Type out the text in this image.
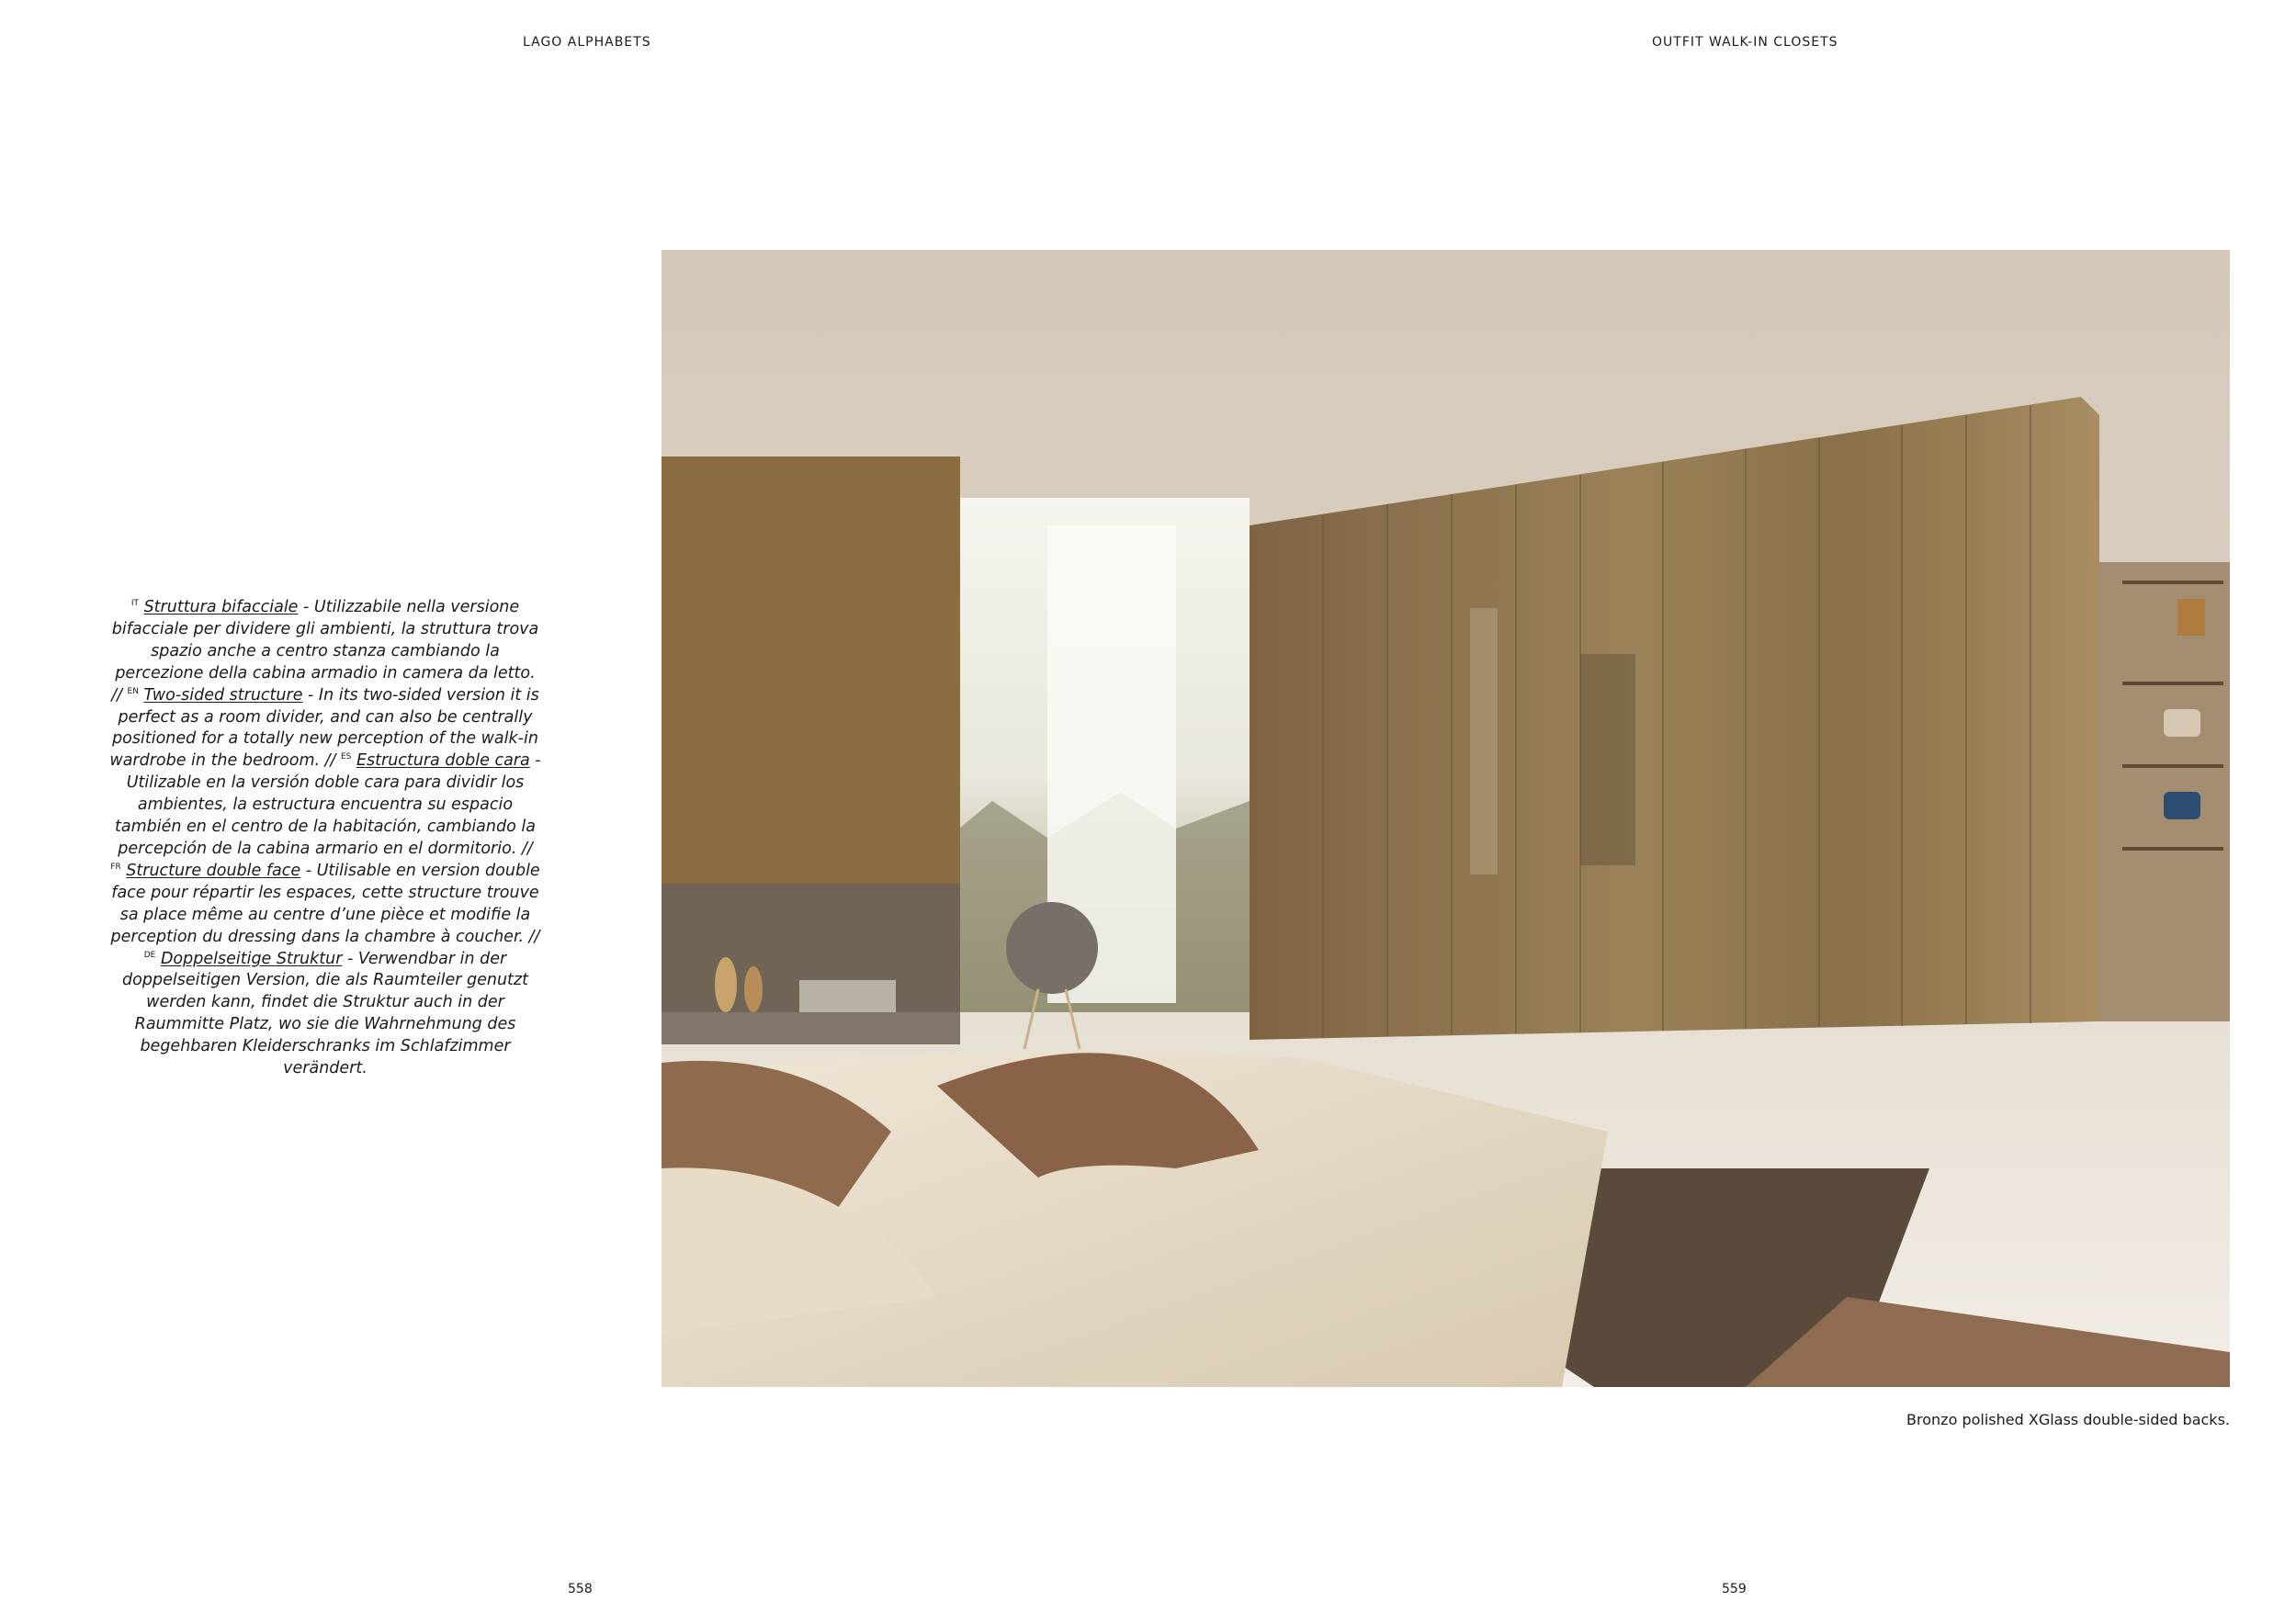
LAGO ALPHABETS	OUTFIT WALK-IN CLOSETS
$^{IT}$ Struttura bifacciale - Utilizzabile nella versione bifacciale per dividere gli ambienti, la struttura trova spazio anche a centro stanza cambiando la percezione della cabina armadio in camera da letto. // $^{EN}$ Two-sided structure - In its two-sided version it is perfect as a room divider, and can also be centrally positioned for a totally new perception of the walk-in wardrobe in the bedroom. // $^{ES}$ Estructura doble cara - Utilizable en la versión doble cara para dividir los ambientes, la estructura encuentra su espacio también en el centro de la habitación, cambiando la percepción de la cabina armario en el dormitorio. // $^{FR}$ Structure double face - Utilisable en version double face pour répartir les espaces, cette structure trouve sa place même au centre d’une pièce et modifie la perception du dressing dans la chambre à coucher. // $^{DE}$ Doppelseitige Struktur - Verwendbar in der doppelseitigen Version, die als Raumteiler genutzt werden kann, findet die Struktur auch in der Raummitte Platz, wo sie die Wahrnehmung des begehbaren Kleiderschranks im Schlafzimmer verändert.
Bronzo polished XGlass double-sided backs.
558	559
